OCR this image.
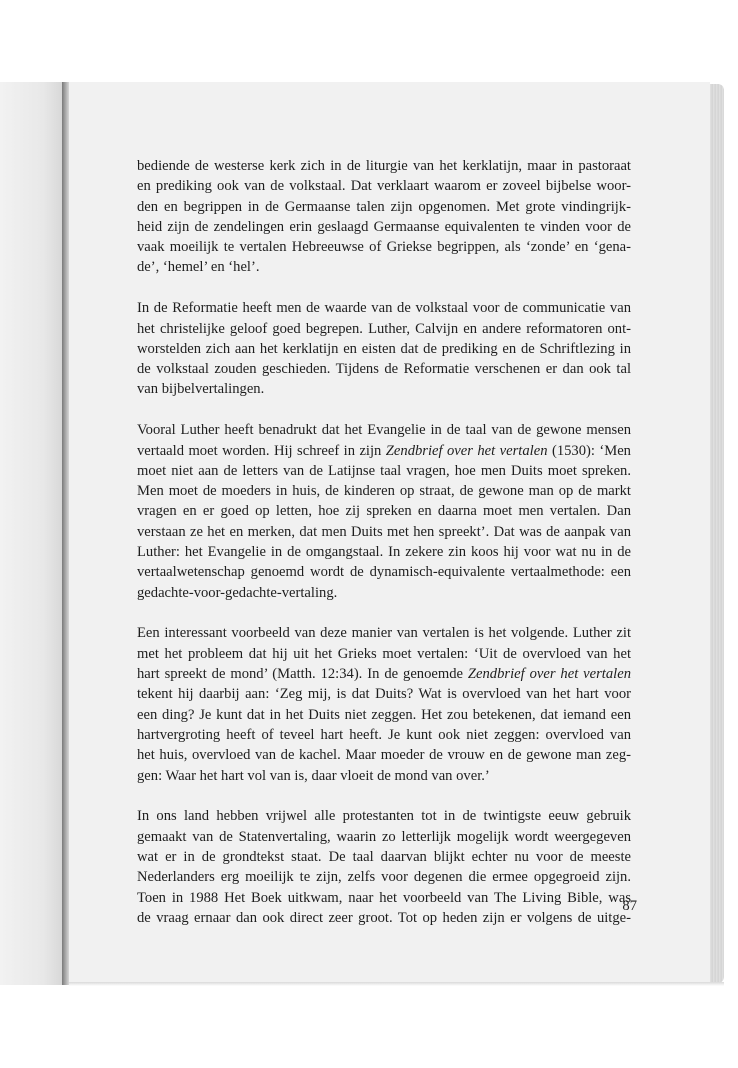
bediende de westerse kerk zich in de liturgie van het kerklatijn, maar in pastoraat
en prediking ook van de volkstaal. Dat verklaart waarom er zoveel bijbelse woor-
den en begrippen in de Germaanse talen zijn opgenomen. Met grote vindingrijk-
heid zijn de zendelingen erin geslaagd Germaanse equivalenten te vinden voor de
vaak moeilijk te vertalen Hebreeuwse of Griekse begrippen, als ‘zonde’ en ‘gena-
de’, ‘hemel’ en ‘hel’.
In de Reformatie heeft men de waarde van de volkstaal voor de communicatie van
het christelijke geloof goed begrepen. Luther, Calvijn en andere reformatoren ont-
worstelden zich aan het kerklatijn en eisten dat de prediking en de Schriftlezing in
de volkstaal zouden geschieden. Tijdens de Reformatie verschenen er dan ook tal
van bijbelvertalingen.
Vooral Luther heeft benadrukt dat het Evangelie in de taal van de gewone mensen
vertaald moet worden. Hij schreef in zijn Zendbrief over het vertalen (1530): ‘Men
moet niet aan de letters van de Latijnse taal vragen, hoe men Duits moet spreken.
Men moet de moeders in huis, de kinderen op straat, de gewone man op de markt
vragen en er goed op letten, hoe zij spreken en daarna moet men vertalen. Dan
verstaan ze het en merken, dat men Duits met hen spreekt’. Dat was de aanpak van
Luther: het Evangelie in de omgangstaal. In zekere zin koos hij voor wat nu in de
vertaalwetenschap genoemd wordt de dynamisch-equivalente vertaalmethode: een
gedachte-voor-gedachte-vertaling.
Een interessant voorbeeld van deze manier van vertalen is het volgende. Luther zit
met het probleem dat hij uit het Grieks moet vertalen: ‘Uit de overvloed van het
hart spreekt de mond’ (Matth. 12:34). In de genoemde Zendbrief over het vertalen
tekent hij daarbij aan: ‘Zeg mij, is dat Duits? Wat is overvloed van het hart voor
een ding? Je kunt dat in het Duits niet zeggen. Het zou betekenen, dat iemand een
hartvergroting heeft of teveel hart heeft. Je kunt ook niet zeggen: overvloed van
het huis, overvloed van de kachel. Maar moeder de vrouw en de gewone man zeg-
gen: Waar het hart vol van is, daar vloeit de mond van over.’
In ons land hebben vrijwel alle protestanten tot in de twintigste eeuw gebruik
gemaakt van de Statenvertaling, waarin zo letterlijk mogelijk wordt weergegeven
wat er in de grondtekst staat. De taal daarvan blijkt echter nu voor de meeste
Nederlanders erg moeilijk te zijn, zelfs voor degenen die ermee opgegroeid zijn.
Toen in 1988 Het Boek uitkwam, naar het voorbeeld van The Living Bible, was
de vraag ernaar dan ook direct zeer groot. Tot op heden zijn er volgens de uitge-
87
